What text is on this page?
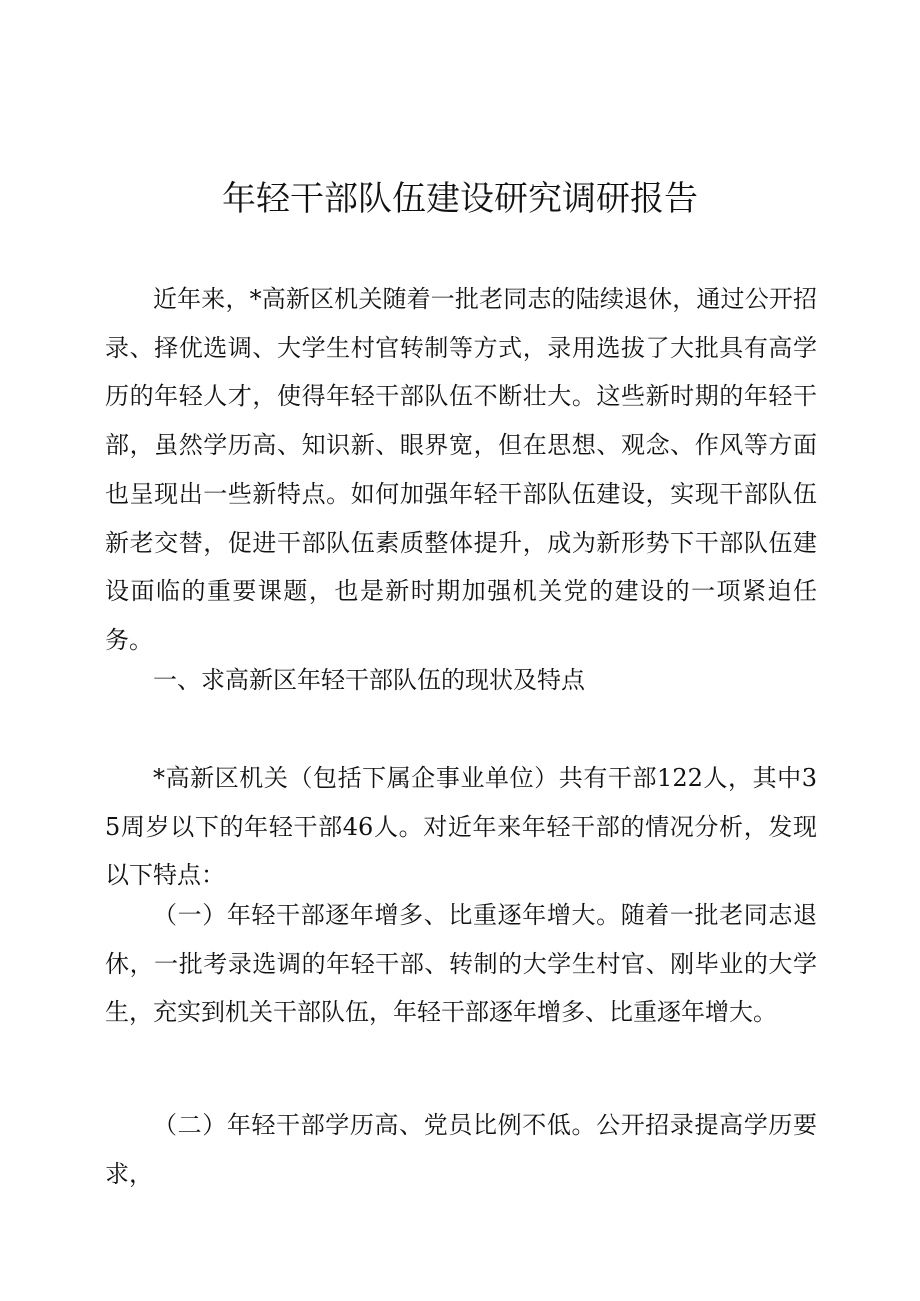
年轻干部队伍建设研究调研报告

近年来，*高新区机关随着一批老同志的陆续退休，通过公开招录、择优选调、大学生村官转制等方式，录用选拔了大批具有高学历的年轻人才，使得年轻干部队伍不断壮大。这些新时期的年轻干部，虽然学历高、知识新、眼界宽，但在思想、观念、作风等方面也呈现出一些新特点。如何加强年轻干部队伍建设，实现干部队伍新老交替，促进干部队伍素质整体提升，成为新形势下干部队伍建设面临的重要课题，也是新时期加强机关党的建设的一项紧迫任务。

一、求高新区年轻干部队伍的现状及特点

*高新区机关（包括下属企事业单位）共有干部122人，其中35周岁以下的年轻干部46人。对近年来年轻干部的情况分析，发现以下特点：

（一）年轻干部逐年增多、比重逐年增大。随着一批老同志退休，一批考录选调的年轻干部、转制的大学生村官、刚毕业的大学生，充实到机关干部队伍，年轻干部逐年增多、比重逐年增大。

（二）年轻干部学历高、党员比例不低。公开招录提高学历要求，
